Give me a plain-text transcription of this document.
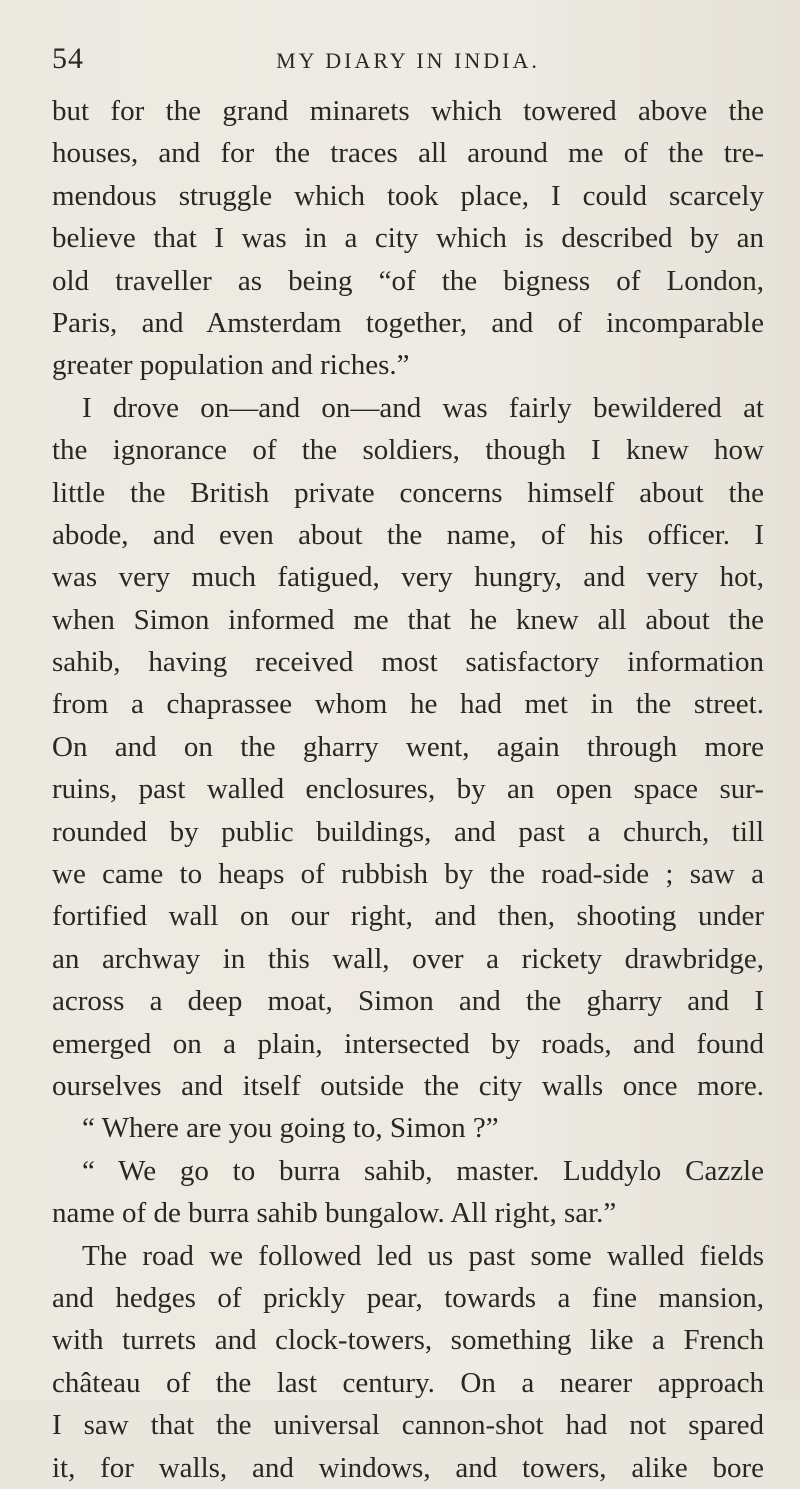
54	MY DIARY IN INDIA.
but for the grand minarets which towered above the
houses, and for the traces all around me of the tre-
mendous struggle which took place, I could scarcely
believe that I was in a city which is described by an
old traveller as being “of the bigness of London,
Paris, and Amsterdam together, and of incomparable
greater population and riches.”
I drove on—and on—and was fairly bewildered at
the ignorance of the soldiers, though I knew how
little the British private concerns himself about the
abode, and even about the name, of his officer. I
was very much fatigued, very hungry, and very hot,
when Simon informed me that he knew all about the
sahib, having received most satisfactory information
from a chaprassee whom he had met in the street.
On and on the gharry went, again through more
ruins, past walled enclosures, by an open space sur-
rounded by public buildings, and past a church, till
we came to heaps of rubbish by the road-side ; saw a
fortified wall on our right, and then, shooting under
an archway in this wall, over a rickety drawbridge,
across a deep moat, Simon and the gharry and I
emerged on a plain, intersected by roads, and found
ourselves and itself outside the city walls once more.
“ Where are you going to, Simon ?”
“ We go to burra sahib, master. Luddylo Cazzle
name of de burra sahib bungalow. All right, sar.”
The road we followed led us past some walled fields
and hedges of prickly pear, towards a fine mansion,
with turrets and clock-towers, something like a French
château of the last century. On a nearer approach
I saw that the universal cannon-shot had not spared
it, for walls, and windows, and towers, alike bore
